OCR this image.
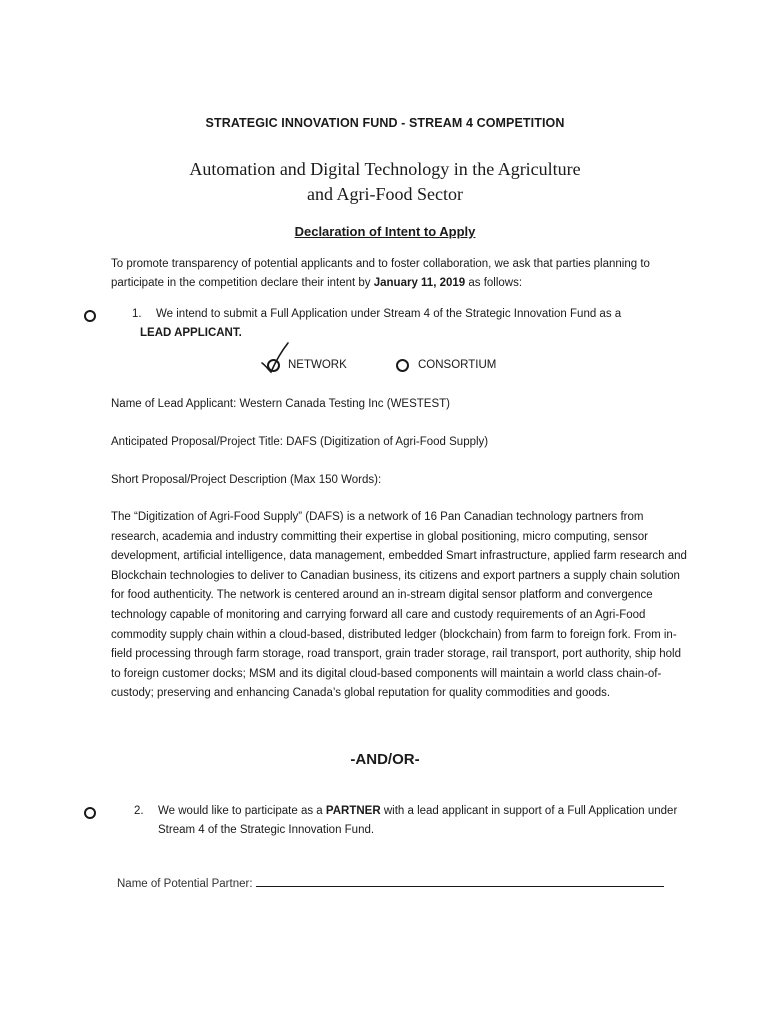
STRATEGIC INNOVATION FUND - STREAM 4 COMPETITION
Automation and Digital Technology in the Agriculture
and Agri-Food Sector
Declaration of Intent to Apply
To promote transparency of potential applicants and to foster collaboration, we ask that parties planning to participate in the competition declare their intent by January 11, 2019 as follows:
1. We intend to submit a Full Application under Stream 4 of the Strategic Innovation Fund as a
LEAD APPLICANT.
NETWORK	CONSORTIUM
Name of Lead Applicant: Western Canada Testing Inc (WESTEST)
Anticipated Proposal/Project Title: DAFS (Digitization of Agri-Food Supply)
Short Proposal/Project Description (Max 150 Words):
The “Digitization of Agri-Food Supply” (DAFS) is a network of 16 Pan Canadian technology partners from research, academia and industry committing their expertise in global positioning, micro computing, sensor development, artificial intelligence, data management, embedded Smart infrastructure, applied farm research and Blockchain technologies to deliver to Canadian business, its citizens and export partners a supply chain solution for food authenticity. The network is centered around an in-stream digital sensor platform and convergence technology capable of monitoring and carrying forward all care and custody requirements of an Agri-Food commodity supply chain within a cloud-based, distributed ledger (blockchain) from farm to foreign fork. From in-field processing through farm storage, road transport, grain trader storage, rail transport, port authority, ship hold to foreign customer docks; MSM and its digital cloud-based components will maintain a world class chain-of-custody; preserving and enhancing Canada’s global reputation for quality commodities and goods.
-AND/OR-
2. We would like to participate as a PARTNER with a lead applicant in support of a Full Application under Stream 4 of the Strategic Innovation Fund.
Name of Potential Partner:
